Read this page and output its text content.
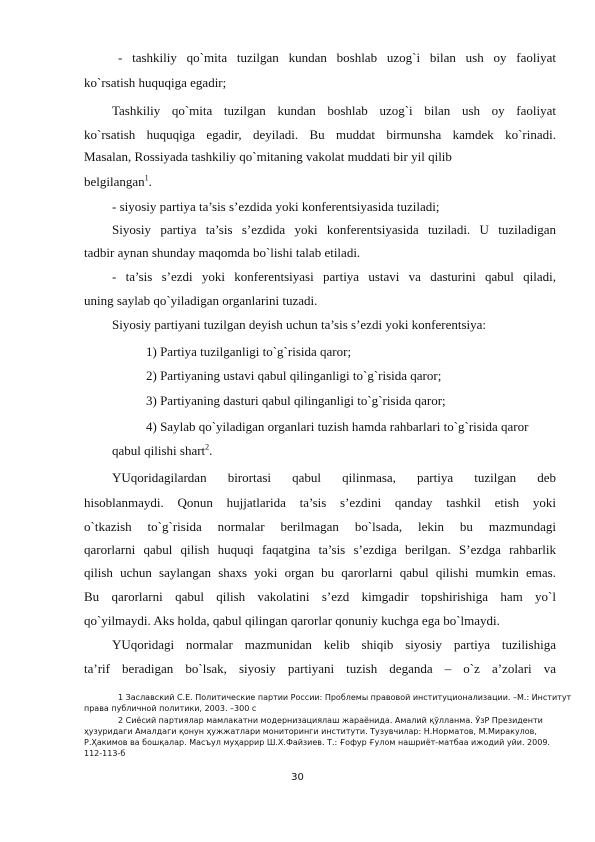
- tashkiliy qo`mita tuzilgan kundan boshlab uzog`i bilan ush oy faoliyat
ko`rsatish huquqiga egadir;
Tashkiliy qo`mita tuzilgan kundan boshlab uzog`i bilan ush oy faoliyat
ko`rsatish huquqiga egadir, deyiladi. Bu muddat birmunsha kamdek ko`rinadi.
Masalan, Rossiyada tashkiliy qo`mitaning vakolat muddati bir yil qilib
belgilangan$^1$.
- siyosiy partiya ta’sis s’ezdida yoki konferentsiyasida tuziladi;
Siyosiy partiya ta’sis s’ezdida yoki konferentsiyasida tuziladi. U tuziladigan
tadbir aynan shunday maqomda bo`lishi talab etiladi.
- ta’sis s’ezdi yoki konferentsiyasi partiya ustavi va dasturini qabul qiladi,
uning saylab qo`yiladigan organlarini tuzadi.
Siyosiy partiyani tuzilgan deyish uchun ta’sis s’ezdi yoki konferentsiya:
1) Partiya tuzilganligi to`g`risida qaror;
2) Partiyaning ustavi qabul qilinganligi to`g`risida qaror;
3) Partiyaning dasturi qabul qilinganligi to`g`risida qaror;
4) Saylab qo`yiladigan organlari tuzish hamda rahbarlari to`g`risida qaror
qabul qilishi shart$^2$.
YUqoridagilardan birortasi qabul qilinmasa, partiya tuzilgan deb
hisoblanmaydi. Qonun hujjatlarida ta’sis s’ezdini qanday tashkil etish yoki
o`tkazish to`g`risida normalar berilmagan bo`lsada, lekin bu mazmundagi
qarorlarni qabul qilish huquqi faqatgina ta’sis s’ezdiga berilgan. S’ezdga rahbarlik
qilish uchun saylangan shaxs yoki organ bu qarorlarni qabul qilishi mumkin emas.
Bu qarorlarni qabul qilish vakolatini s’ezd kimgadir topshirishiga ham yo`l
qo`yilmaydi. Aks holda, qabul qilingan qarorlar qonuniy kuchga ega bo`lmaydi.
YUqoridagi normalar mazmunidan kelib shiqib siyosiy partiya tuzilishiga
ta’rif beradigan bo`lsak, siyosiy partiyani tuzish deganda – o`z a’zolari va
1 Заславский С.Е. Политические партии России: Проблемы правовой институционализации. –М.: Институт
права публичной политики, 2003. –300 с
2 Сиёсий партиялар мамлакатни модернизациялаш жараёнида. Амалий қўлланма. ЎзР Президенти
ҳузуридаги Амалдаги қонун ҳужжатлари мониторинги институти. Тузувчилар: Н.Норматов, М.Миракулов,
Р.Ҳакимов ва бошқалар. Масъул муҳаррир Ш.Х.Файзиев. Т.: Ғофур Ғулом нашриёт-матбаа ижодий уйи. 2009.
112-113-б
30
